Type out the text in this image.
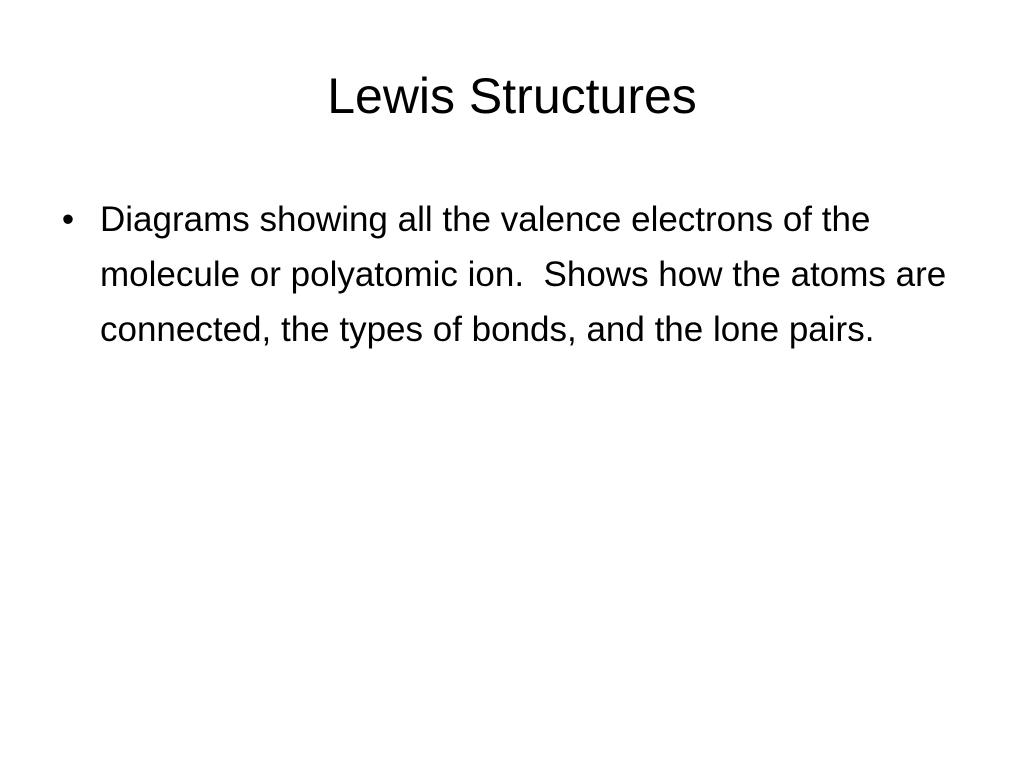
Lewis Structures
• Diagrams showing all the valence electrons of the molecule or polyatomic ion.  Shows how the atoms are connected, the types of bonds, and the lone pairs.
